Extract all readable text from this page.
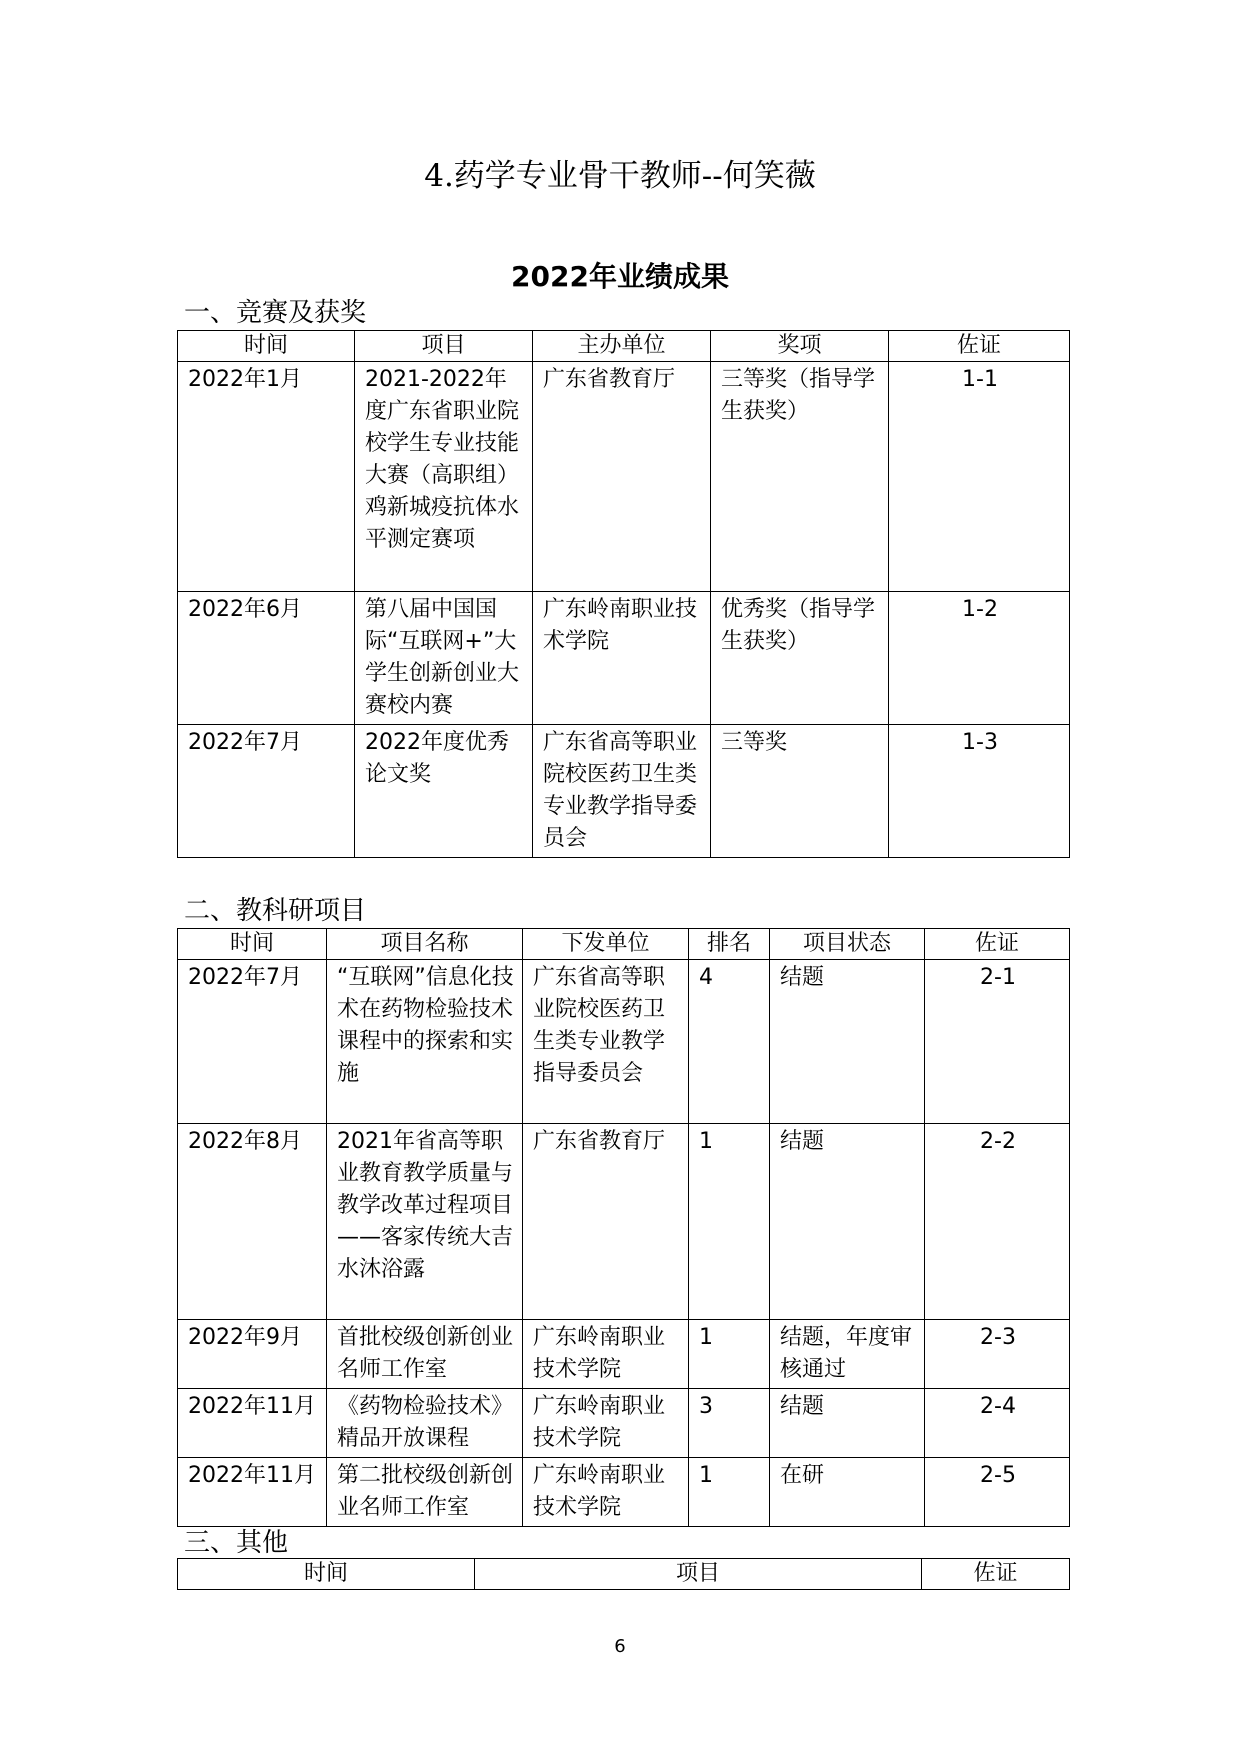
4.药学专业骨干教师--何笑薇
2022年业绩成果
一、竞赛及获奖
时间	项目	主办单位	奖项	佐证
2022年1月	2021-2022年度广东省职业院校学生专业技能大赛（高职组）鸡新城疫抗体水平测定赛项	广东省教育厅	三等奖（指导学生获奖）	1-1
2022年6月	第八届中国国际“互联网+”大学生创新创业大赛校内赛	广东岭南职业技术学院	优秀奖（指导学生获奖）	1-2
2022年7月	2022年度优秀论文奖	广东省高等职业院校医药卫生类专业教学指导委员会	三等奖	1-3
二、教科研项目
时间	项目名称	下发单位	排名	项目状态	佐证
2022年7月	“互联网”信息化技术在药物检验技术课程中的探索和实施	广东省高等职业院校医药卫生类专业教学指导委员会	4	结题	2-1
2022年8月	2021年省高等职业教育教学质量与教学改革过程项目——客家传统大吉水沐浴露	广东省教育厅	1	结题	2-2
2022年9月	首批校级创新创业名师工作室	广东岭南职业技术学院	1	结题，年度审核通过	2-3
2022年11月	《药物检验技术》精品开放课程	广东岭南职业技术学院	3	结题	2-4
2022年11月	第二批校级创新创业名师工作室	广东岭南职业技术学院	1	在研	2-5
三、其他
时间	项目	佐证
6
